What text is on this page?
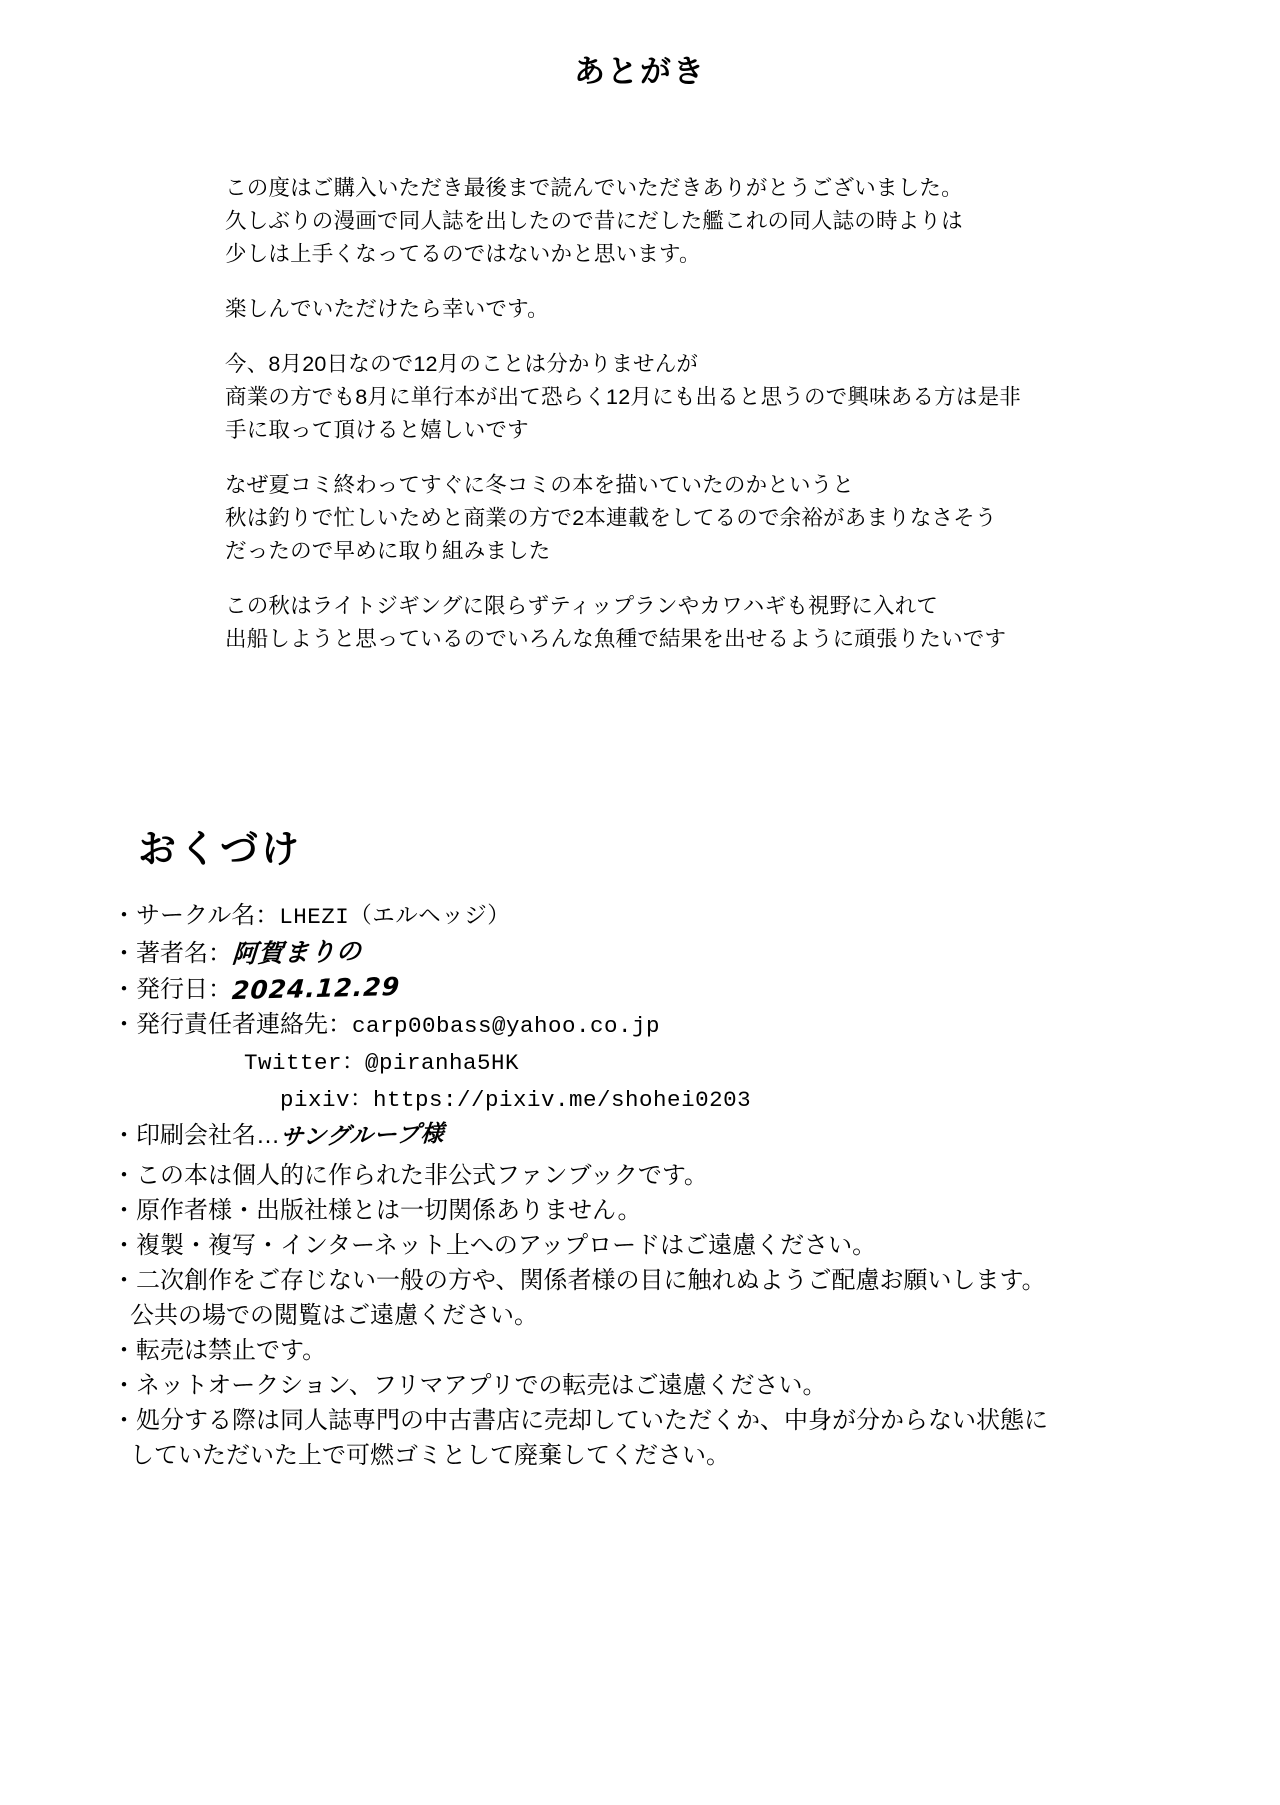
あとがき

この度はご購入いただき最後まで読んでいただきありがとうございました。
久しぶりの漫画で同人誌を出したので昔にだした艦これの同人誌の時よりは
少しは上手くなってるのではないかと思います。

楽しんでいただけたら幸いです。

今、8月20日なので12月のことは分かりませんが
商業の方でも8月に単行本が出て恐らく12月にも出ると思うので興味ある方は是非
手に取って頂けると嬉しいです

なぜ夏コミ終わってすぐに冬コミの本を描いていたのかというと
秋は釣りで忙しいためと商業の方で2本連載をしてるので余裕があまりなさそう
だったので早めに取り組みました

この秋はライトジギングに限らずティップランやカワハギも視野に入れて
出船しようと思っているのでいろんな魚種で結果を出せるように頑張りたいです

おくづけ
・サークル名：LHEZI（エルヘッジ）
・著者名：阿賀まりの
・発行日：2024.12.29
・発行責任者連絡先：carp00bass@yahoo.co.jp
Twitter：@piranha5HK
pixiv：https://pixiv.me/shohei0203
・印刷会社名…サングループ様
・この本は個人的に作られた非公式ファンブックです。
・原作者様・出版社様とは一切関係ありません。
・複製・複写・インターネット上へのアップロードはご遠慮ください。
・二次創作をご存じない一般の方や、関係者様の目に触れぬようご配慮お願いします。
公共の場での閲覧はご遠慮ください。
・転売は禁止です。
・ネットオークション、フリマアプリでの転売はご遠慮ください。
・処分する際は同人誌専門の中古書店に売却していただくか、中身が分からない状態に
していただいた上で可燃ゴミとして廃棄してください。
